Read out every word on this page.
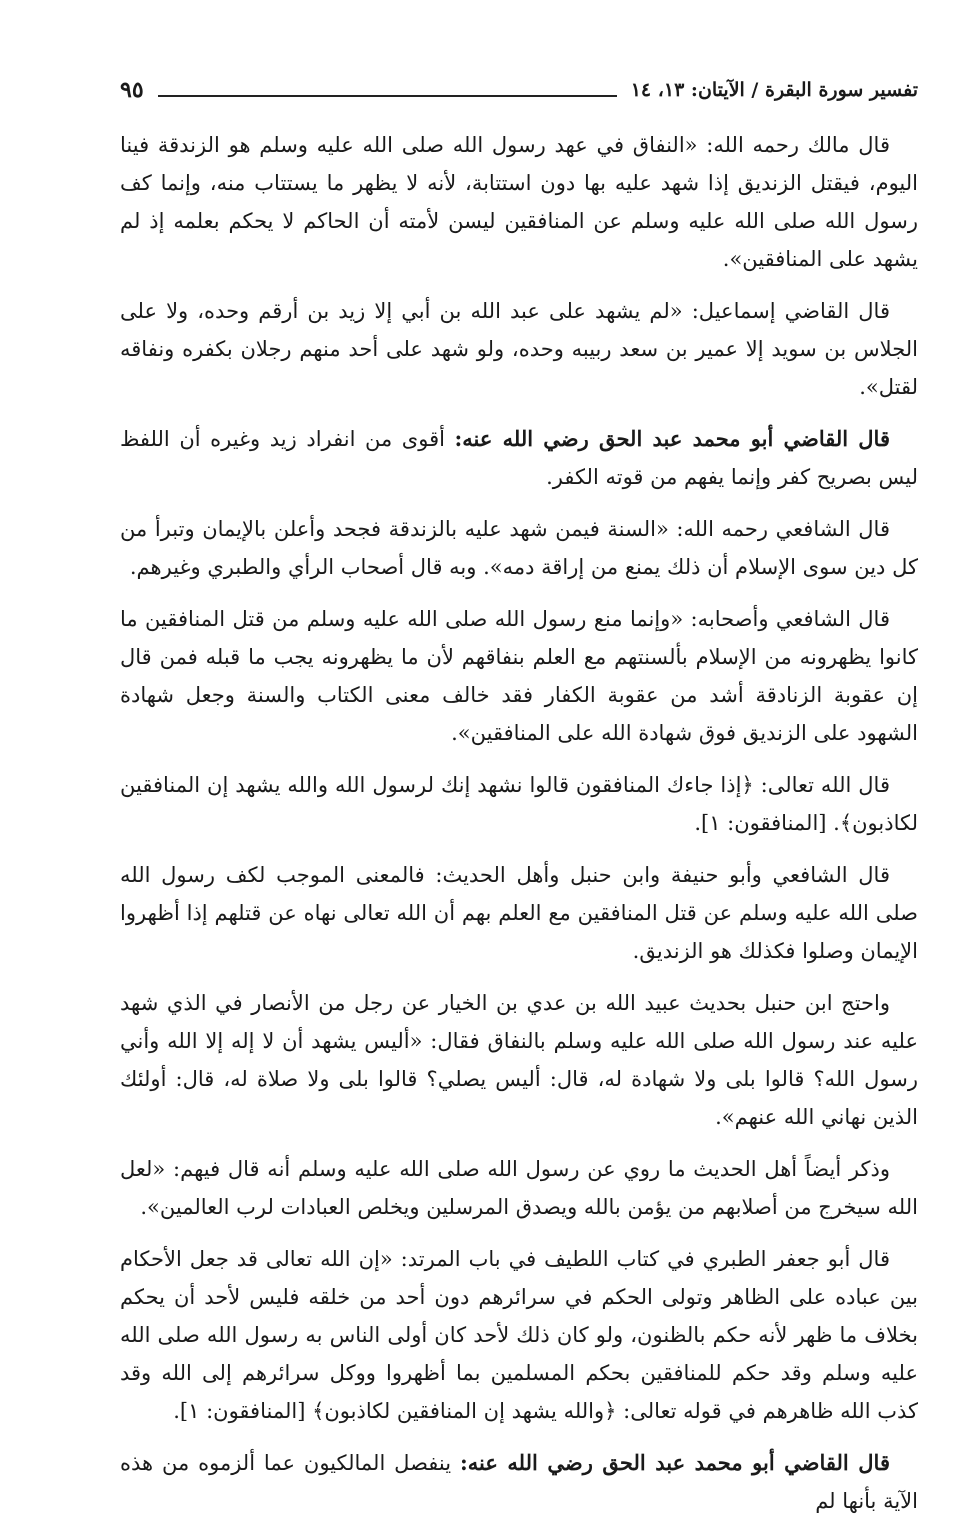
تفسير سورة البقرة / الآيتان: ١٣، ١٤
٩٥

قال مالك رحمه الله: «النفاق في عهد رسول الله صلى الله عليه وسلم هو الزندقة فينا اليوم، فيقتل الزنديق إذا شهد عليه بها دون استتابة، لأنه لا يظهر ما يستتاب منه، وإنما كف رسول الله صلى الله عليه وسلم عن المنافقين ليسن لأمته أن الحاكم لا يحكم بعلمه إذ لم يشهد على المنافقين».

قال القاضي إسماعيل: «لم يشهد على عبد الله بن أبي إلا زيد بن أرقم وحده، ولا على الجلاس بن سويد إلا عمير بن سعد ربيبه وحده، ولو شهد على أحد منهم رجلان بكفره ونفاقه لقتل».

قال القاضي أبو محمد عبد الحق رضي الله عنه: أقوى من انفراد زيد وغيره أن اللفظ ليس بصريح كفر وإنما يفهم من قوته الكفر.

قال الشافعي رحمه الله: «السنة فيمن شهد عليه بالزندقة فجحد وأعلن بالإيمان وتبرأ من كل دين سوى الإسلام أن ذلك يمنع من إراقة دمه». وبه قال أصحاب الرأي والطبري وغيرهم.

قال الشافعي وأصحابه: «وإنما منع رسول الله صلى الله عليه وسلم من قتل المنافقين ما كانوا يظهرونه من الإسلام بألسنتهم مع العلم بنفاقهم لأن ما يظهرونه يجب ما قبله فمن قال إن عقوبة الزنادقة أشد من عقوبة الكفار فقد خالف معنى الكتاب والسنة وجعل شهادة الشهود على الزنديق فوق شهادة الله على المنافقين».

قال الله تعالى: ﴿إذا جاءك المنافقون قالوا نشهد إنك لرسول الله والله يشهد إن المنافقين لكاذبون﴾. [المنافقون: ١].

قال الشافعي وأبو حنيفة وابن حنبل وأهل الحديث: فالمعنى الموجب لكف رسول الله صلى الله عليه وسلم عن قتل المنافقين مع العلم بهم أن الله تعالى نهاه عن قتلهم إذا أظهروا الإيمان وصلوا فكذلك هو الزنديق.

واحتج ابن حنبل بحديث عبيد الله بن عدي بن الخيار عن رجل من الأنصار في الذي شهد عليه عند رسول الله صلى الله عليه وسلم بالنفاق فقال: «أليس يشهد أن لا إله إلا الله وأني رسول الله؟ قالوا بلى ولا شهادة له، قال: أليس يصلي؟ قالوا بلى ولا صلاة له، قال: أولئك الذين نهاني الله عنهم».

وذكر أيضاً أهل الحديث ما روي عن رسول الله صلى الله عليه وسلم أنه قال فيهم: «لعل الله سيخرج من أصلابهم من يؤمن بالله ويصدق المرسلين ويخلص العبادات لرب العالمين».

قال أبو جعفر الطبري في كتاب اللطيف في باب المرتد: «إن الله تعالى قد جعل الأحكام بين عباده على الظاهر وتولى الحكم في سرائرهم دون أحد من خلقه فليس لأحد أن يحكم بخلاف ما ظهر لأنه حكم بالظنون، ولو كان ذلك لأحد كان أولى الناس به رسول الله صلى الله عليه وسلم وقد حكم للمنافقين بحكم المسلمين بما أظهروا ووكل سرائرهم إلى الله وقد كذب الله ظاهرهم في قوله تعالى: ﴿والله يشهد إن المنافقين لكاذبون﴾ [المنافقون: ١].

قال القاضي أبو محمد عبد الحق رضي الله عنه: ينفصل المالكيون عما ألزموه من هذه الآية بأنها لم
